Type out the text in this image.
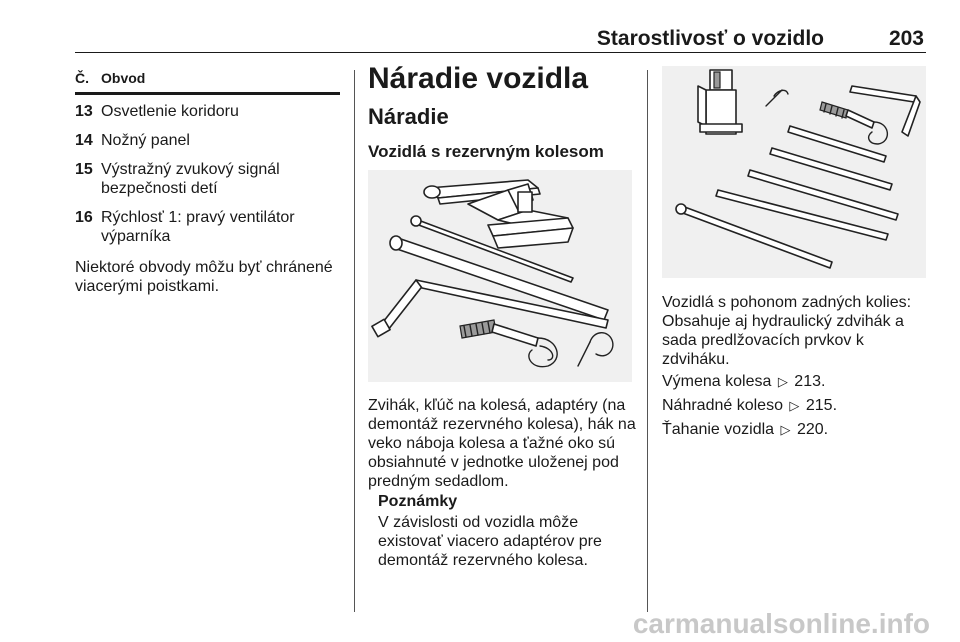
Starostlivosť o vozidlo	203
Č. Obvod
13 Osvetlenie koridoru
14 Nožný panel
15 Výstražný zvukový signál bezpečnosti detí
16 Rýchlosť 1: pravý ventilátor výparníka
Niektoré obvody môžu byť chránené viacerými poistkami.
Náradie vozidla
Náradie
Vozidlá s rezervným kolesom
Zvihák, kľúč na kolesá, adaptéry (na demontáž rezervného kolesa), hák na veko náboja kolesa a ťažné oko sú obsiahnuté v jednotke uloženej pod predným sedadlom.
Poznámky
V závislosti od vozidla môže existovať viacero adaptérov pre demontáž rezervného kolesa.
Vozidlá s pohonom zadných kolies: Obsahuje aj hydraulický zdvihák a sada predlžovacích prvkov k zdviháku.
Výmena kolesa ▷ 213.
Náhradné koleso ▷ 215.
Ťahanie vozidla ▷ 220.
carmanualsonline.info
